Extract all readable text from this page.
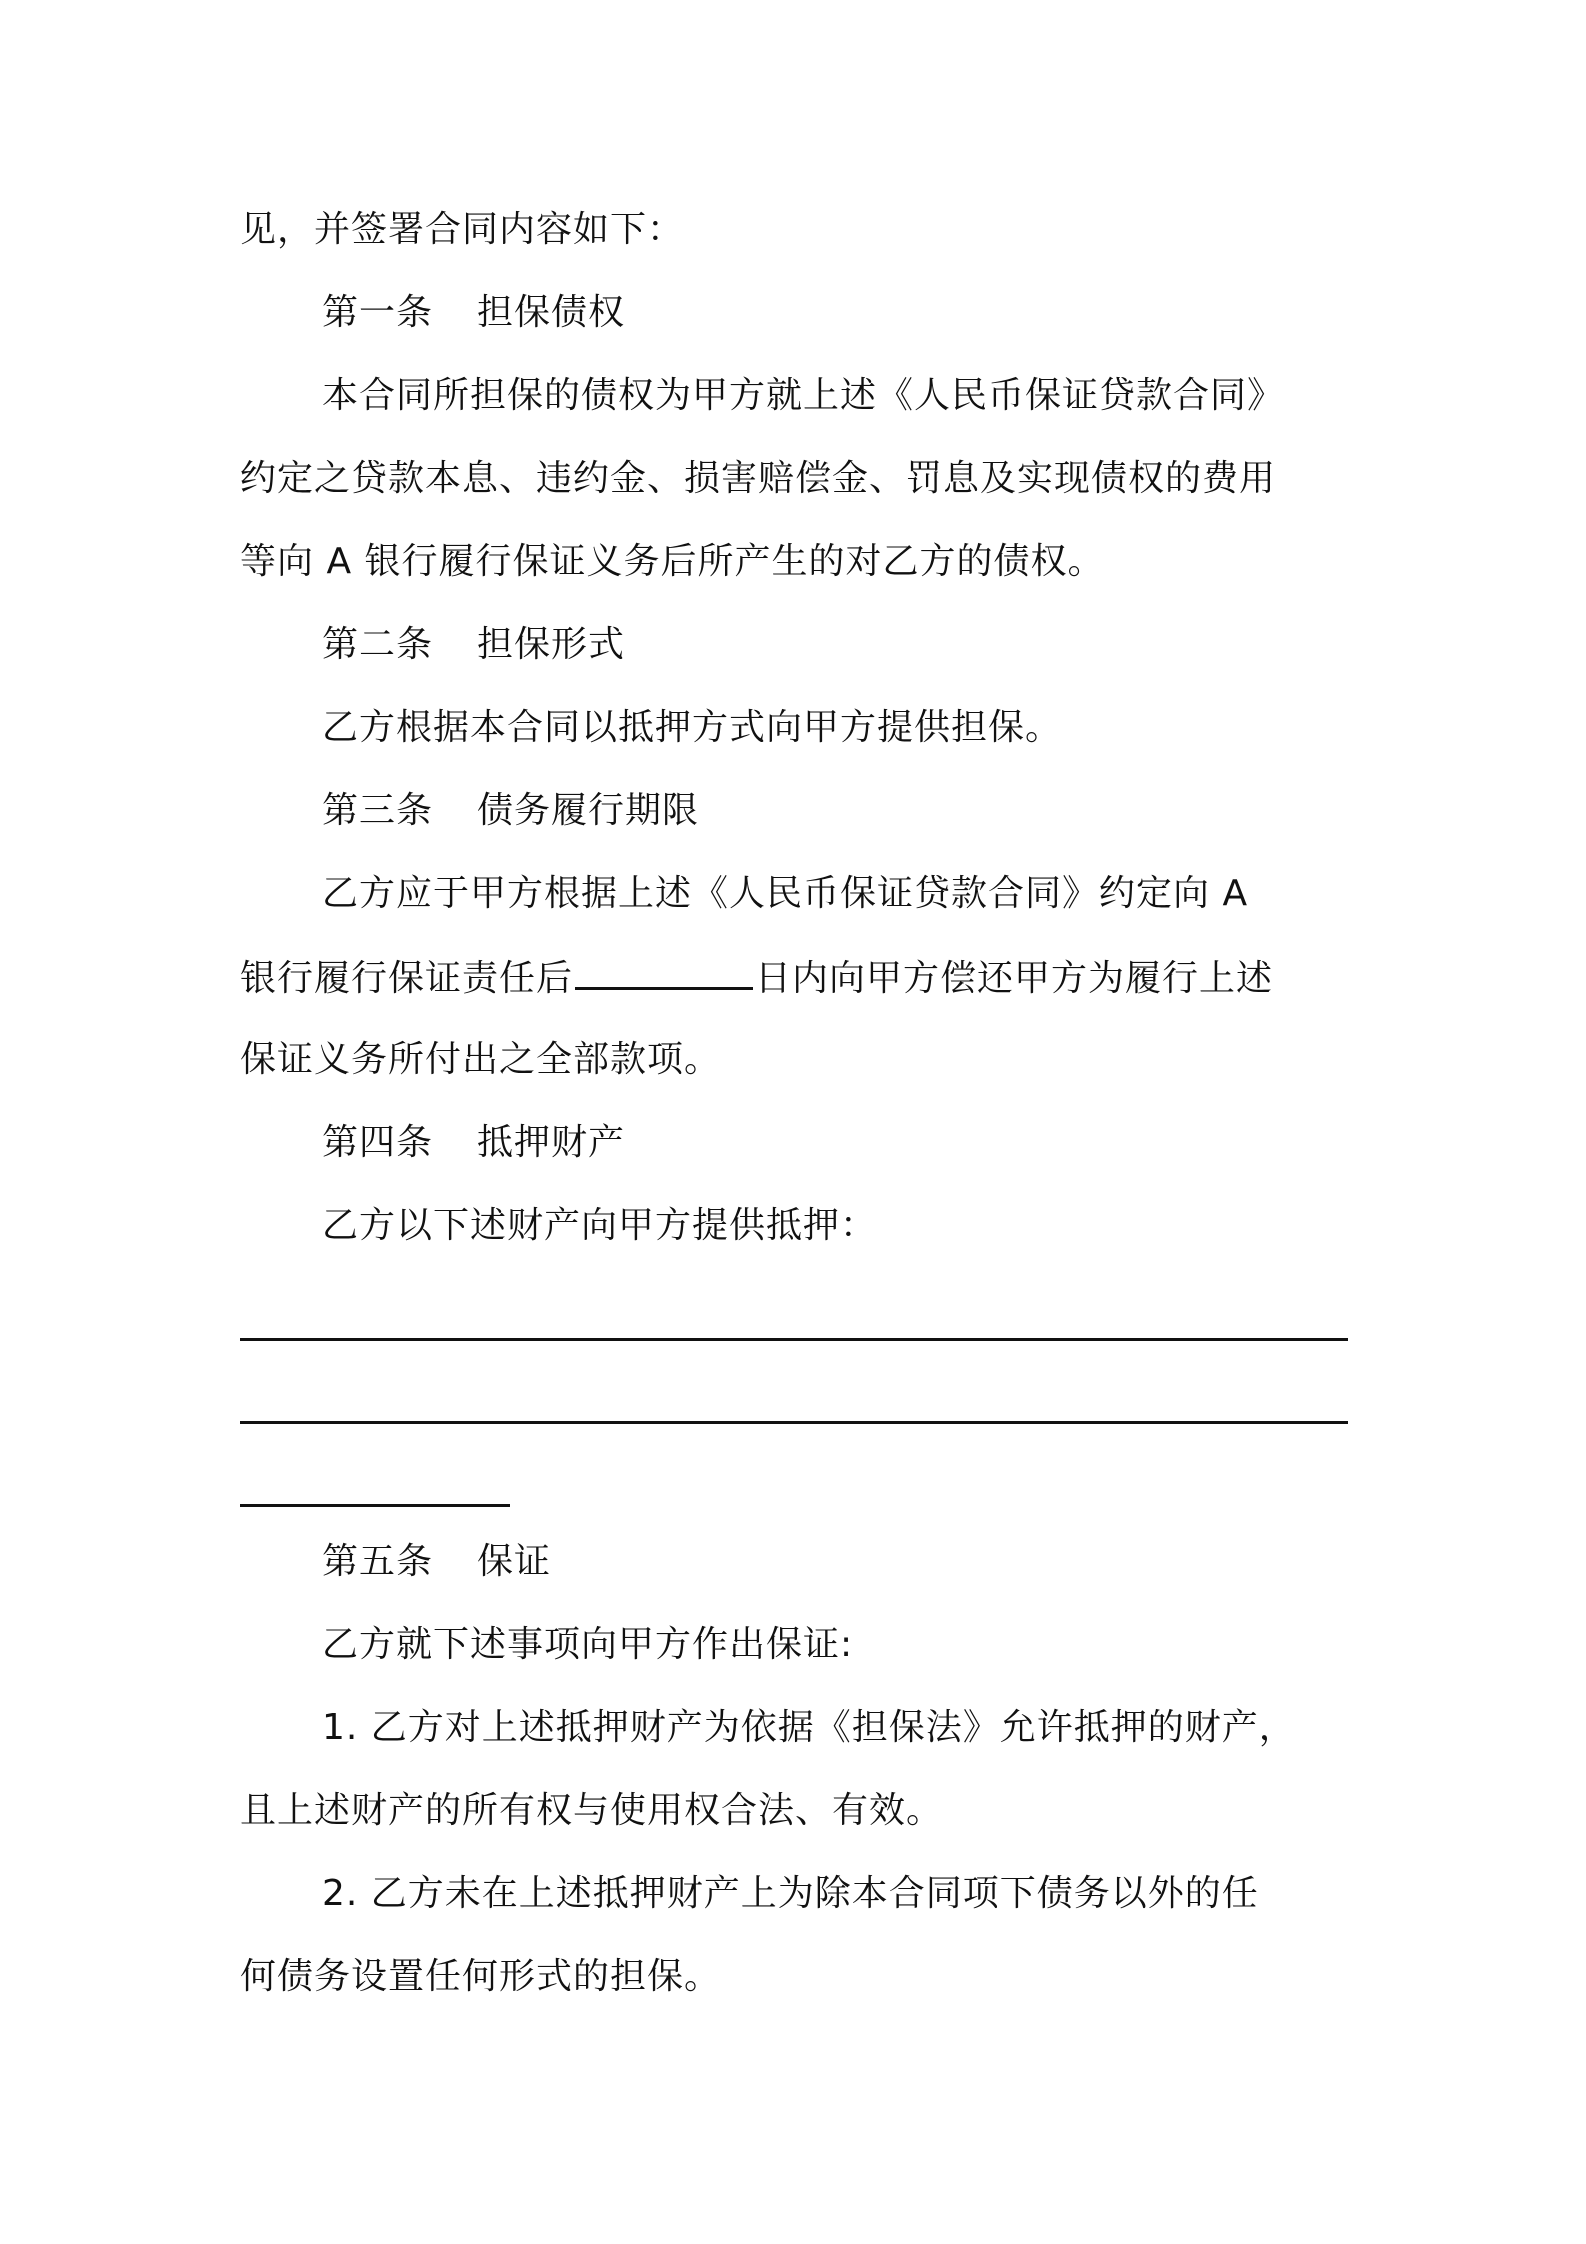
见，并签署合同内容如下：
第一条 担保债权
本合同所担保的债权为甲方就上述《人民币保证贷款合同》
约定之贷款本息、违约金、损害赔偿金、罚息及实现债权的费用
等向 A 银行履行保证义务后所产生的对乙方的债权。
第二条 担保形式
乙方根据本合同以抵押方式向甲方提供担保。
第三条 债务履行期限
乙方应于甲方根据上述《人民币保证贷款合同》约定向 A
银行履行保证责任后	日内向甲方偿还甲方为履行上述
保证义务所付出之全部款项。
第四条 抵押财产
乙方以下述财产向甲方提供抵押：
第五条 保证
乙方就下述事项向甲方作出保证:
1. 乙方对上述抵押财产为依据《担保法》允许抵押的财产，
且上述财产的所有权与使用权合法、有效。
2. 乙方未在上述抵押财产上为除本合同项下债务以外的任
何债务设置任何形式的担保。
